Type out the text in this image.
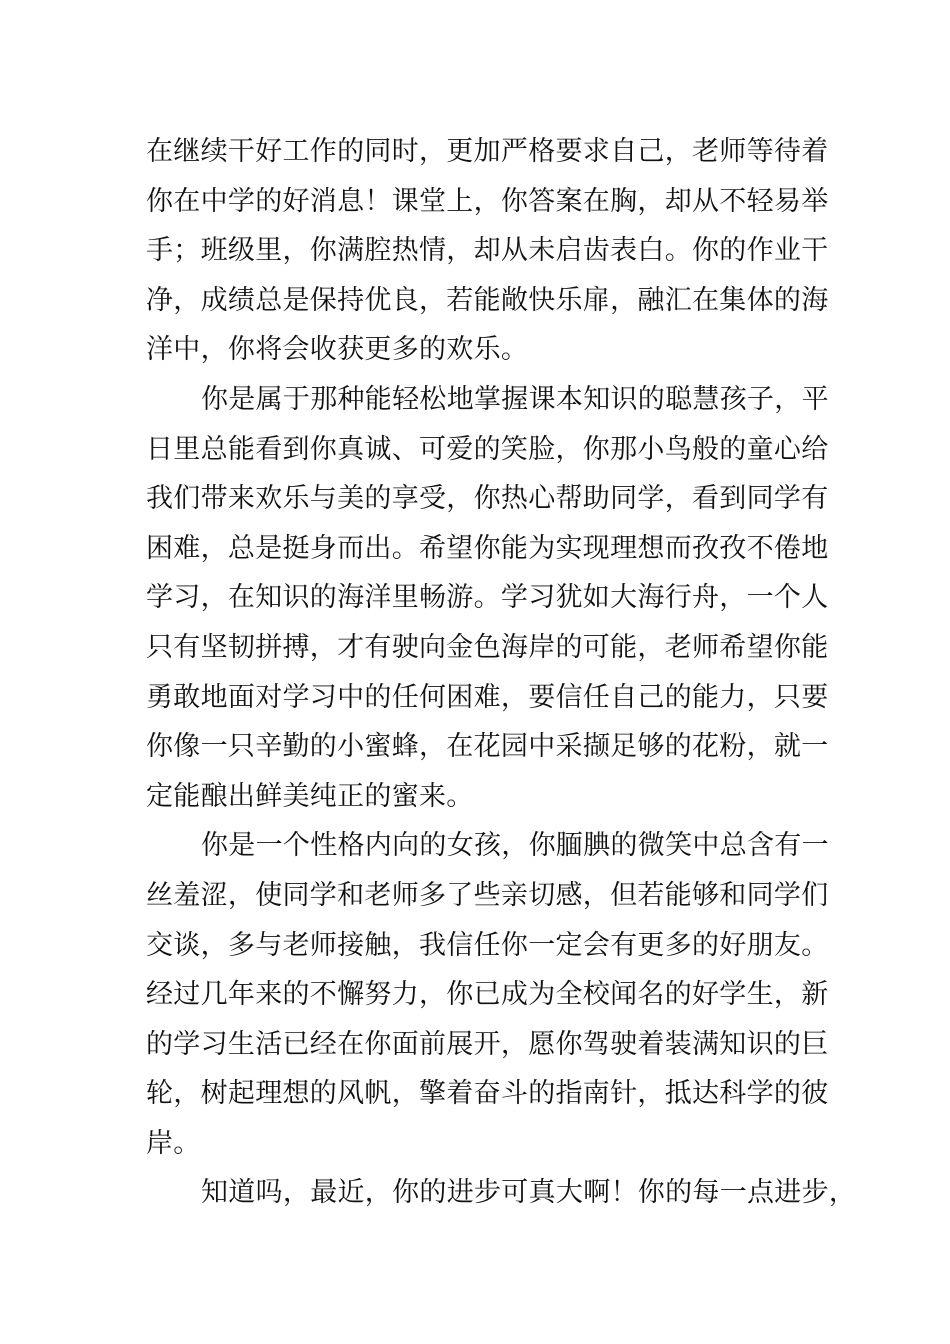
在继续干好工作的同时，更加严格要求自己，老师等待着
你在中学的好消息！课堂上，你答案在胸，却从不轻易举
手；班级里，你满腔热情，却从未启齿表白。你的作业干
净，成绩总是保持优良，若能敞快乐扉，融汇在集体的海
洋中，你将会收获更多的欢乐。
你是属于那种能轻松地掌握课本知识的聪慧孩子，平
日里总能看到你真诚、可爱的笑脸，你那小鸟般的童心给
我们带来欢乐与美的享受，你热心帮助同学，看到同学有
困难，总是挺身而出。希望你能为实现理想而孜孜不倦地
学习，在知识的海洋里畅游。学习犹如大海行舟，一个人
只有坚韧拼搏，才有驶向金色海岸的可能，老师希望你能
勇敢地面对学习中的任何困难，要信任自己的能力，只要
你像一只辛勤的小蜜蜂，在花园中采撷足够的花粉，就一
定能酿出鲜美纯正的蜜来。
你是一个性格内向的女孩，你腼腆的微笑中总含有一
丝羞涩，使同学和老师多了些亲切感，但若能够和同学们
交谈，多与老师接触，我信任你一定会有更多的好朋友。
经过几年来的不懈努力，你已成为全校闻名的好学生，新
的学习生活已经在你面前展开，愿你驾驶着装满知识的巨
轮，树起理想的风帆，擎着奋斗的指南针，抵达科学的彼
岸。
知道吗，最近，你的进步可真大啊！你的每一点进步，
